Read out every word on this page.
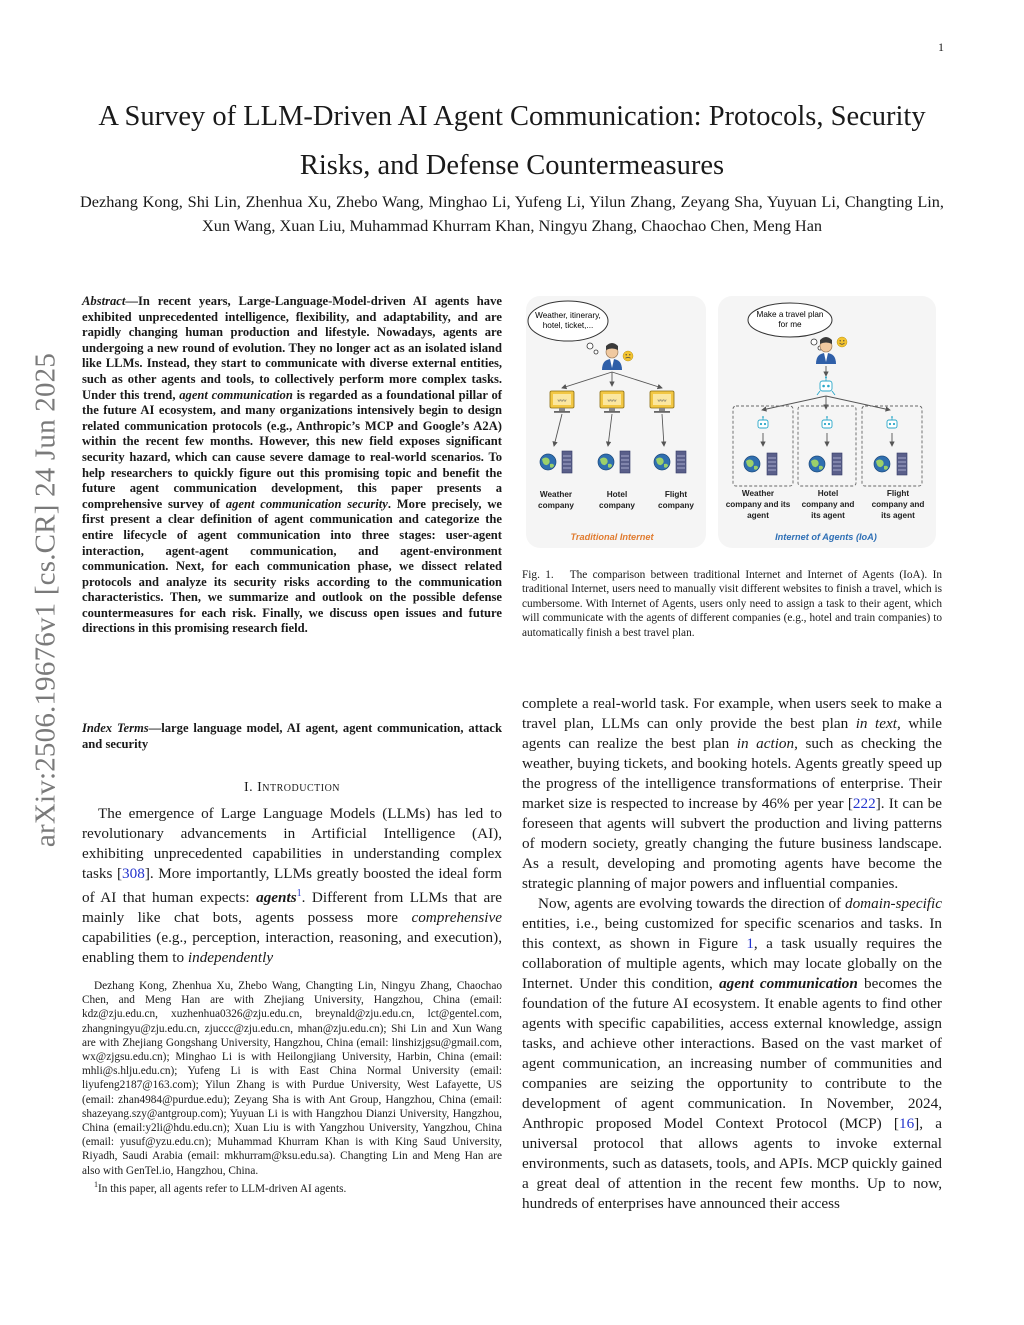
1
arXiv:2506.19676v1 [cs.CR] 24 Jun 2025
A Survey of LLM-Driven AI Agent Communication: Protocols, Security Risks, and Defense Countermeasures
Dezhang Kong, Shi Lin, Zhenhua Xu, Zhebo Wang, Minghao Li, Yufeng Li, Yilun Zhang, Zeyang Sha, Yuyuan Li, Changting Lin, Xun Wang, Xuan Liu, Muhammad Khurram Khan, Ningyu Zhang, Chaochao Chen, Meng Han
Abstract—In recent years, Large-Language-Model-driven AI agents have exhibited unprecedented intelligence, flexibility, and adaptability, and are rapidly changing human production and lifestyle. Nowadays, agents are undergoing a new round of evolution. They no longer act as an isolated island like LLMs. Instead, they start to communicate with diverse external entities, such as other agents and tools, to collectively perform more complex tasks. Under this trend, agent communication is regarded as a foundational pillar of the future AI ecosystem, and many organizations intensively begin to design related communication protocols (e.g., Anthropic’s MCP and Google’s A2A) within the recent few months. However, this new field exposes significant security hazard, which can cause severe damage to real-world scenarios. To help researchers to quickly figure out this promising topic and benefit the future agent communication development, this paper presents a comprehensive survey of agent communication security. More precisely, we first present a clear definition of agent communication and categorize the entire lifecycle of agent communication into three stages: user-agent interaction, agent-agent communication, and agent-environment communication. Next, for each communication phase, we dissect related protocols and analyze its security risks according to the communication characteristics. Then, we summarize and outlook on the possible defense countermeasures for each risk. Finally, we discuss open issues and future directions in this promising research field.
Index Terms—large language model, AI agent, agent communication, attack and security
I. Introduction

The emergence of Large Language Models (LLMs) has led to revolutionary advancements in Artificial Intelligence (AI), exhibiting unprecedented capabilities in understanding complex tasks [308]. More importantly, LLMs greatly boosted the ideal form of AI that human expects: agents$^1$. Different from LLMs that are mainly like chat bots, agents possess more comprehensive capabilities (e.g., perception, interaction, reasoning, and execution), enabling them to independently

Dezhang Kong, Zhenhua Xu, Zhebo Wang, Changting Lin, Ningyu Zhang, Chaochao Chen, and Meng Han are with Zhejiang University, Hangzhou, China (email: kdz@zju.edu.cn, xuzhenhua0326@zju.edu.cn, breynald@zju.edu.cn, lct@gentel.com, zhangningyu@zju.edu.cn, zjuccc@zju.edu.cn, mhan@zju.edu.cn); Shi Lin and Xun Wang are with Zhejiang Gongshang University, Hangzhou, China (email: linshizjgsu@gmail.com, wx@zjgsu.edu.cn); Minghao Li is with Heilongjiang University, Harbin, China (email: mhli@s.hlju.edu.cn); Yufeng Li is with East China Normal University (email: liyufeng2187@163.com); Yilun Zhang is with Purdue University, West Lafayette, US (email: zhan4984@purdue.edu); Zeyang Sha is with Ant Group, Hangzhou, China (email: shazeyang.szy@antgroup.com); Yuyuan Li is with Hangzhou Dianzi University, Hangzhou, China (email:y2li@hdu.edu.cn); Xuan Liu is with Yangzhou University, Yangzhou, China (email: yusuf@yzu.edu.cn); Muhammad Khurram Khan is with King Saud University, Riyadh, Saudi Arabia (email: mkhurram@ksu.edu.sa). Changting Lin and Meng Han are also with GenTel.io, Hangzhou, China.

$^1$In this paper, all agents refer to LLM-driven AI agents.

www
Weather, itinerary,
hotel, ticket,...
Weather
company
Hotel
company
Flight
company
Traditional Internet
Make a travel plan
for me
Weather
company and its
agent
Hotel
company and
its agent
Flight
company and
its agent
Internet of Agents (IoA)
Fig. 1. The comparison between traditional Internet and Internet of Agents (IoA). In traditional Internet, users need to manually visit different websites to finish a travel, which is cumbersome. With Internet of Agents, users only need to assign a task to their agent, which will communicate with the agents of different companies (e.g., hotel and train companies) to automatically finish a best travel plan.

complete a real-world task. For example, when users seek to make a travel plan, LLMs can only provide the best plan in text, while agents can realize the best plan in action, such as checking the weather, buying tickets, and booking hotels. Agents greatly speed up the progress of the intelligence transformations of enterprise. Their market size is respected to increase by 46% per year [222]. It can be foreseen that agents will subvert the production and living patterns of modern society, greatly changing the future business landscape. As a result, developing and promoting agents have become the strategic planning of major powers and influential companies.

Now, agents are evolving towards the direction of domain-specific entities, i.e., being customized for specific scenarios and tasks. In this context, as shown in Figure 1, a task usually requires the collaboration of multiple agents, which may locate globally on the Internet. Under this condition, agent communication becomes the foundation of the future AI ecosystem. It enable agents to find other agents with specific capabilities, access external knowledge, assign tasks, and achieve other interactions. Based on the vast market of agent communication, an increasing number of communities and companies are seizing the opportunity to contribute to the development of agent communication. In November, 2024, Anthropic proposed Model Context Protocol (MCP) [16], a universal protocol that allows agents to invoke external environments, such as datasets, tools, and APIs. MCP quickly gained a great deal of attention in the recent few months. Up to now, hundreds of enterprises have announced their access
